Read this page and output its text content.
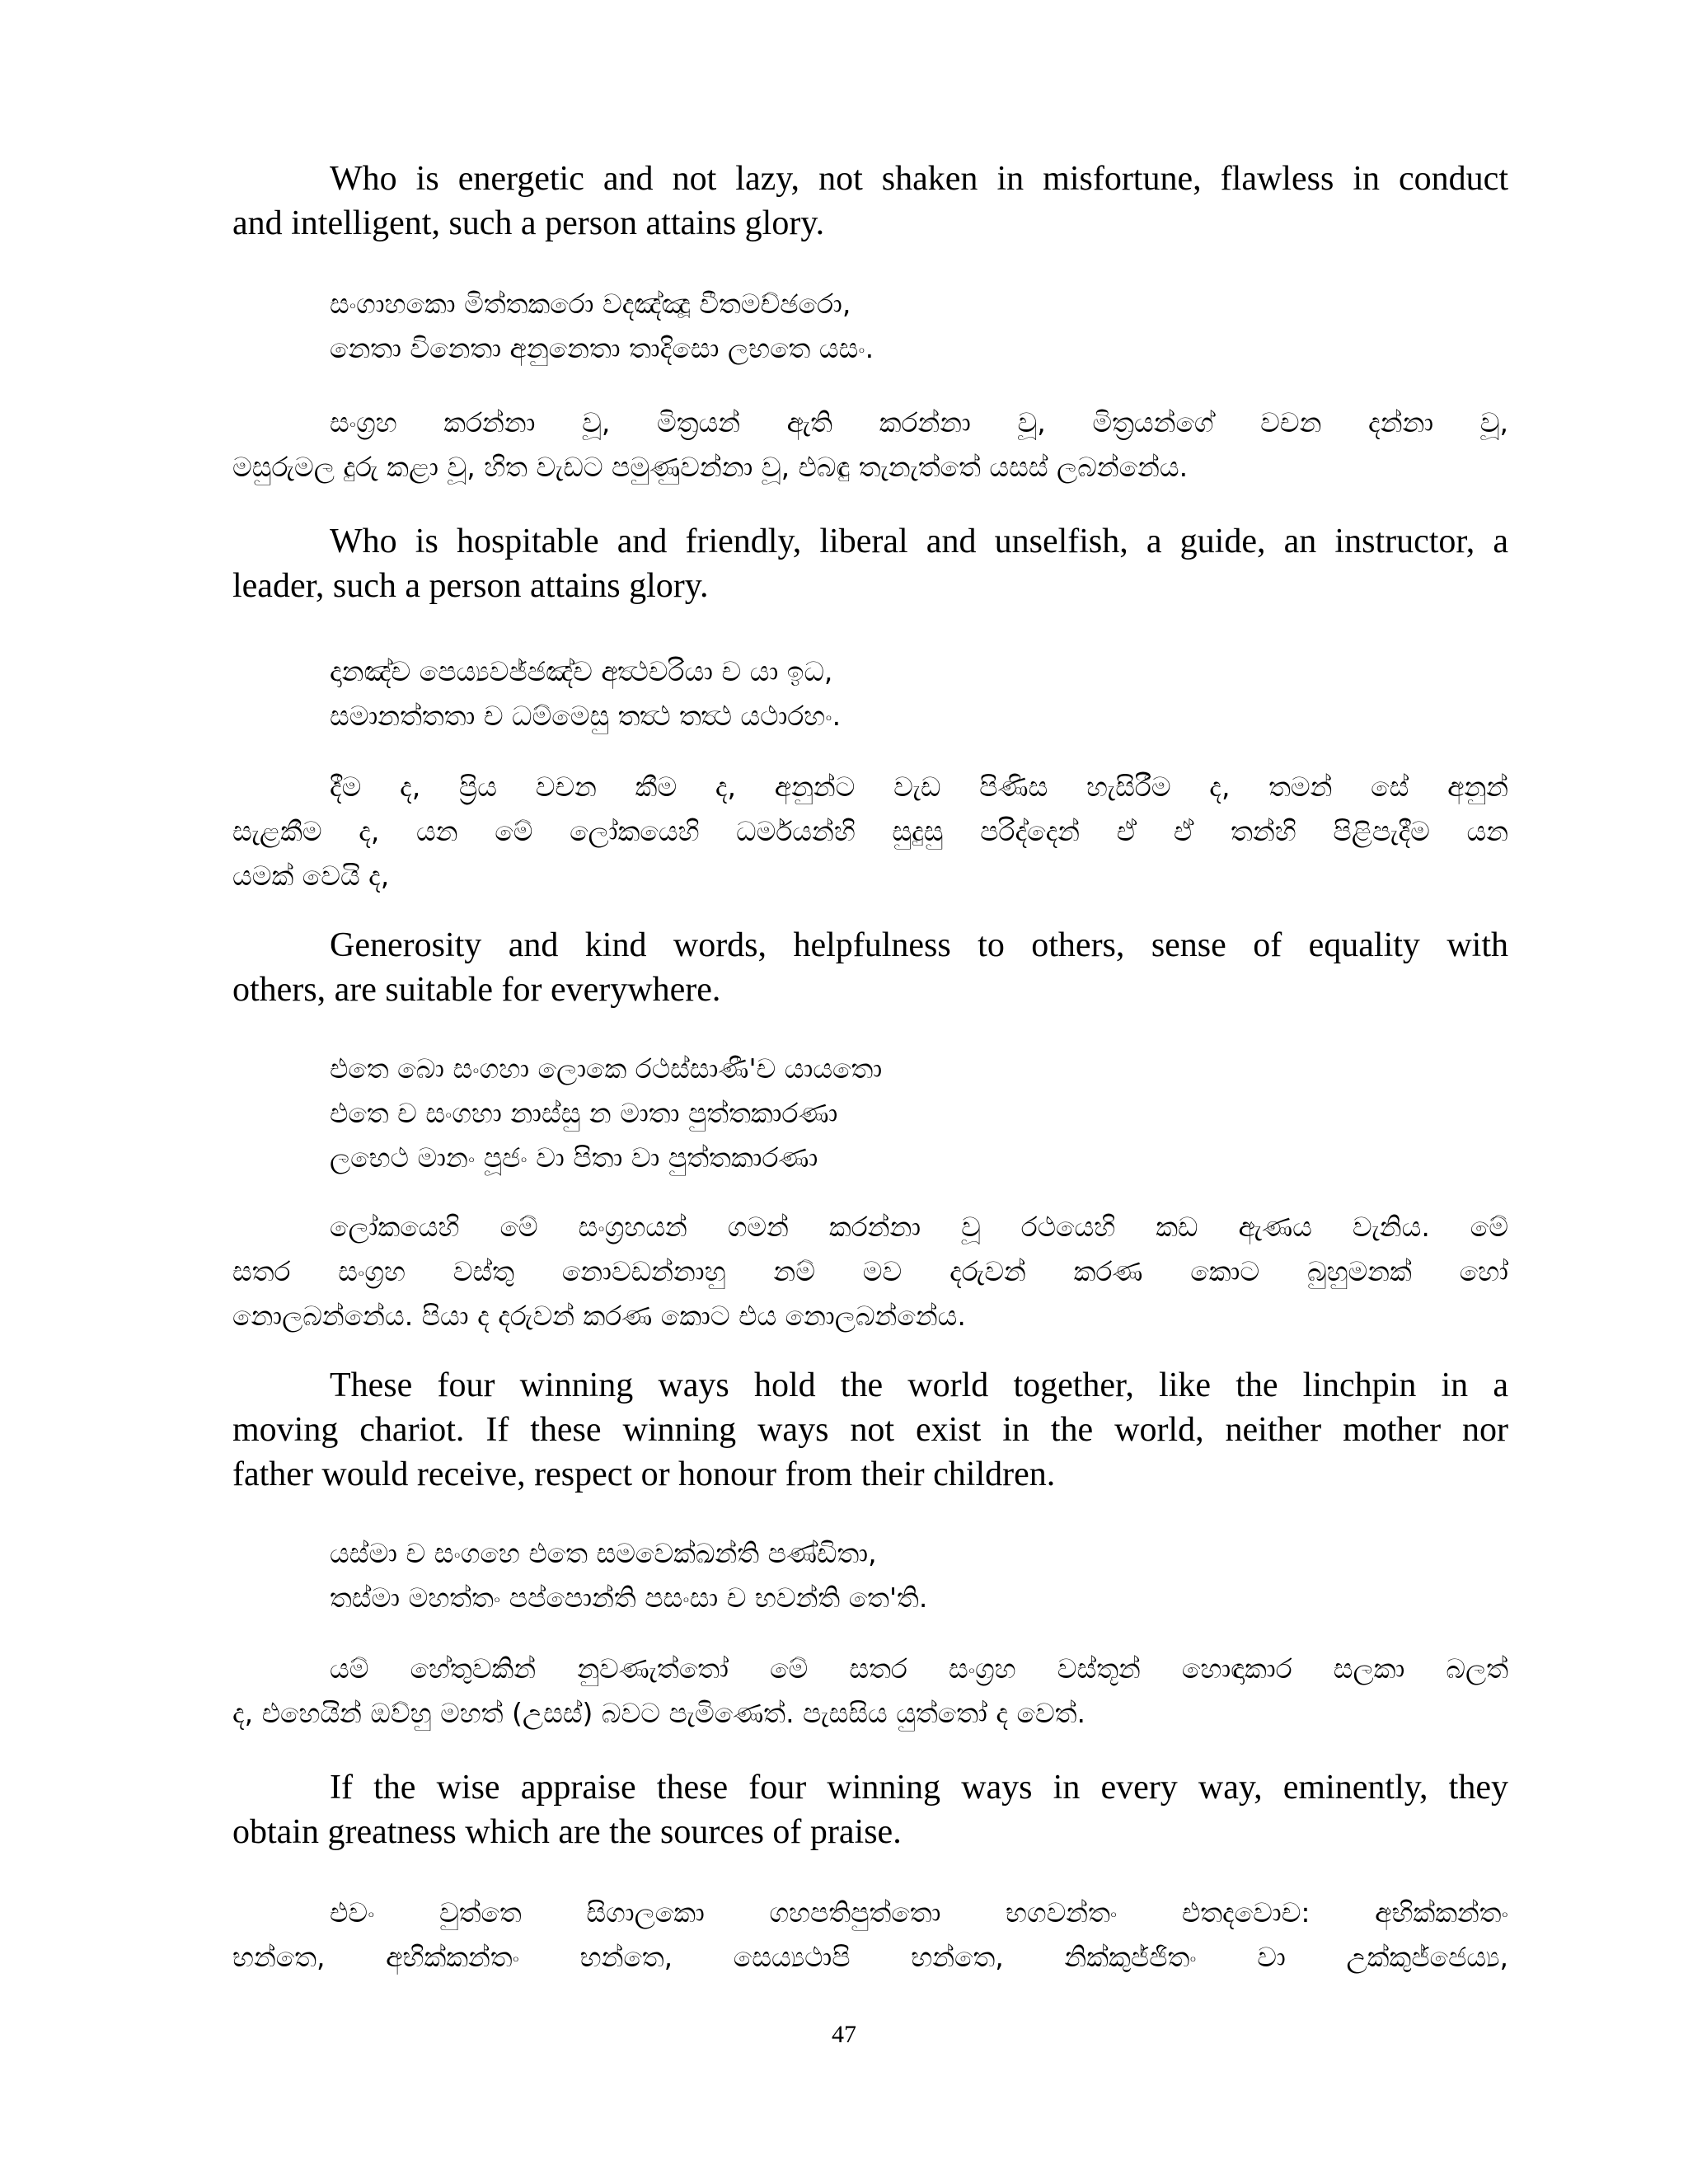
Who is energetic and not lazy, not shaken in misfortune, flawless in conduct
and intelligent, such a person attains glory.
සංගාහකො මිත්තකරො වදඤ්ඤූ වීතමච්ඡරො,
නෙතා විනෙතා අනුනෙතා තාදිසො ලභතෙ යසං.
සංග්‍රහ කරන්නා වූ, මිත්‍රයන් ඇති කරන්නා වූ, මිත්‍රයන්ගේ වචන දන්නා වූ,
මසුරුමල දුරු කළා වූ, හිත වැඩට පමුණුවන්නා වූ, එබඳු තැනැත්තේ යසස් ලබන්නේය.
Who is hospitable and friendly, liberal and unselfish, a guide, an instructor, a
leader, such a person attains glory.
දානඤ්ච පෙය්‍යවජ්ජඤ්ච අත්‍ථචරියා ච යා ඉධ,
සමානත්තතා ච ධම්මෙසු තත්‍ථ තත්‍ථ යථාරහං.
දීම ද, ප්‍රිය වචන කීම ද, අනුන්ට වැඩ පිණිස හැසිරීම ද, තමන් සේ අනුන්
සැළකීම ද, යන මේ ලෝකයෙහි ධර්මයන්හි සුදුසු පරිද්දෙන් ඒ ඒ තන්හි පිළිපැදීම යන
යමක් වෙයි ද,
Generosity and kind words, helpfulness to others, sense of equality with
others, are suitable for everywhere.
එතෙ බො සංගහා ලොකෙ රථස්සාණී'ච යායතො
එතෙ ච සංගහා නාස්සු න මාතා පුත්තකාරණා
ලභෙථ මානං පූජං වා පිතා වා පුත්තකාරණා
ලෝකයෙහි මේ සංග්‍රහයන් ගමන් කරන්නා වූ රථයෙහි කඩ ඇණය වැනිය. මේ
සතර සංග්‍රහ වස්තු නොවඩන්නාහු නම් මව දරුවන් කරණ කොට බුහුමනක් හෝ
නොලබන්නේය. පියා ද දරුවන් කරණ කොට එය නොලබන්නේය.
These four winning ways hold the world together, like the linchpin in a
moving chariot. If these winning ways not exist in the world, neither mother nor
father would receive, respect or honour from their children.
යස්මා ච සංගහෙ එතෙ සමවෙක්ඛන්ති පණ්ඩිතා,
තස්මා මහත්තං පප්පොන්ති පසංසා ච භවන්ති තෙ'ති.
යම් හේතුවකින් නුවණැත්තෝ මේ සතර සංග්‍රහ වස්තූන් හොඳාකාර සලකා බලත්
ද, එහෙයින් ඔව්හු මහත් (උසස්) බවට පැමිණෙත්. පැසසිය යුත්තෝ ද වෙත්.
If the wise appraise these four winning ways in every way, eminently, they
obtain greatness which are the sources of praise.
එවං වුත්තෙ සිගාලකො ගහපතිපුත්තො භගවන්තං එතදවොච: අභික්කන්තං
භන්තෙ, අභික්කන්තං භන්තෙ, සෙය්‍යථාපි භන්තෙ, නික්කුජ්ජිතං වා උක්කුජ්ජෙය්‍ය,
47
